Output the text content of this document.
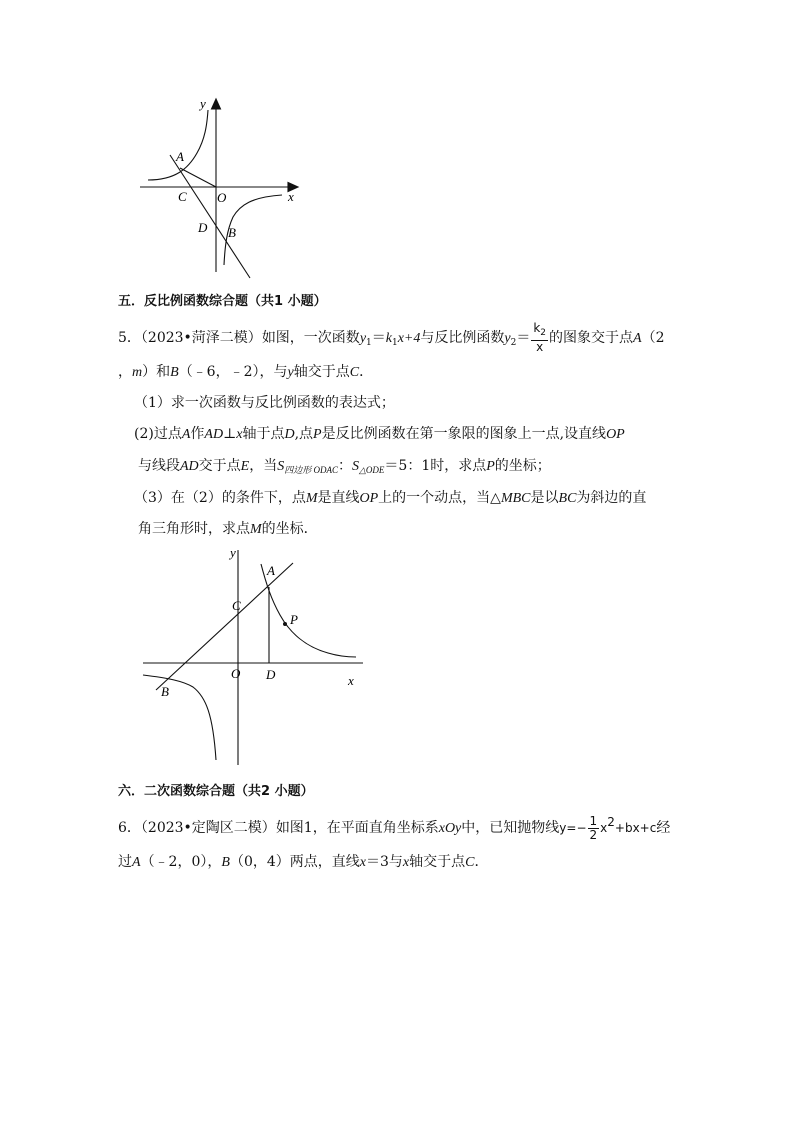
y
x
A
C O
D B
五．反比例函数综合题（共1 小题）
5．（2023•菏泽二模）如图，一次函数$y_1=k_1x+4$与反比例函数$y_2= \frac{k_2}{x}$ 的图象交于点A（2
，m）和B（﹣6，﹣2），与y轴交于点C．
（1）求一次函数与反比例函数的表达式；
(2)过点A作AD⊥x轴于点D,点P是反比例函数在第一象限的图象上一点,设直线OP
与线段AD交于点E，当$S_{四边形 ODAC}$：$S_{\triangle ODE}=5$：1时，求点P的坐标；
（3）在（2）的条件下，点M是直线OP上的一个动点，当△MBC是以BC为斜边的直
角三角形时，求点M的坐标．
y
A
C
P
O D	x
B
六．二次函数综合题（共2 小题）
6．（2023•定陶区二模）如图1，在平面直角坐标系xOy中，已知抛物线$y=- \frac{1}{2} x2+bx+c$经
过A（﹣2，0），B（0，4）两点，直线x＝3与x轴交于点C．
